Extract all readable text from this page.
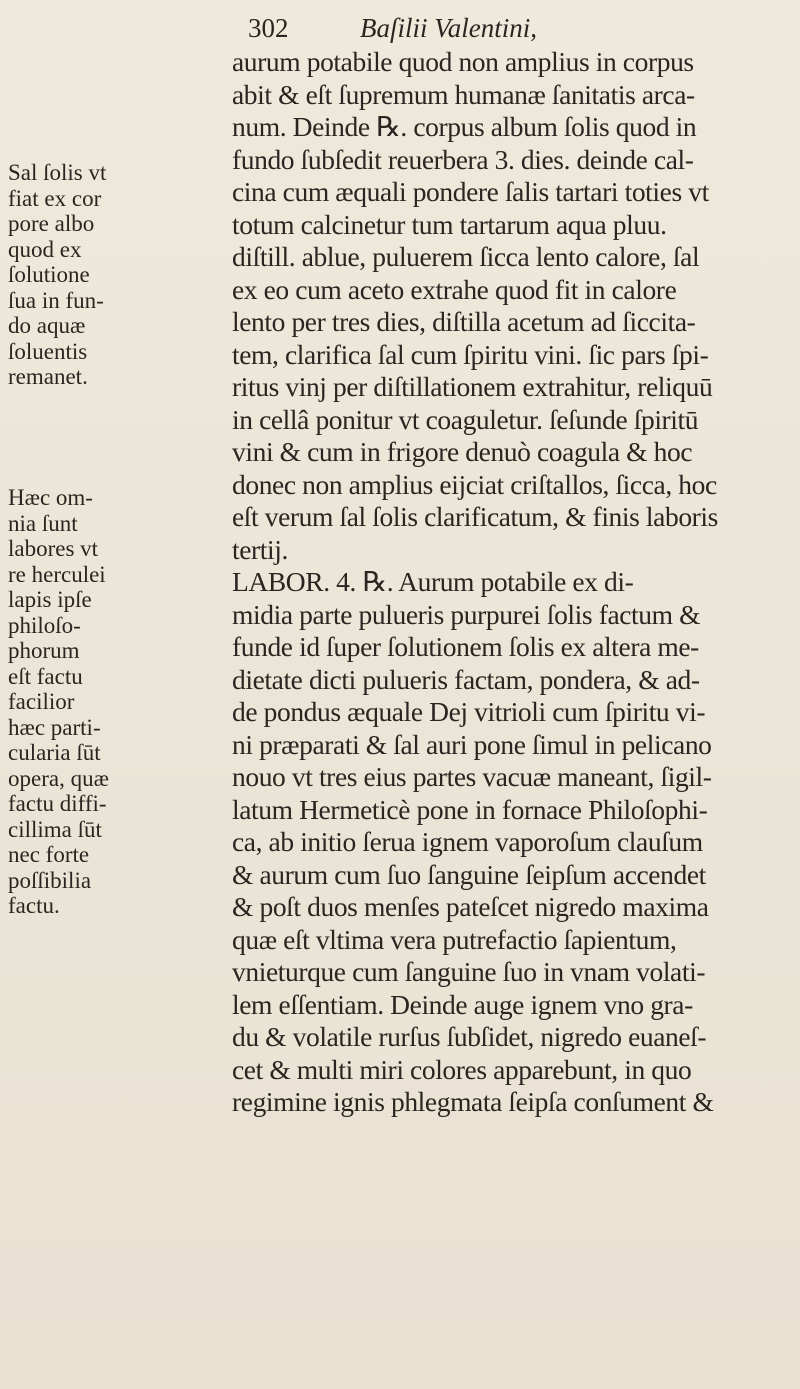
302	Baſilii Valentini,
Sal ſolis vt
fiat ex cor
pore albo
quod ex
ſolutione
ſua in fun-
do aquæ
ſoluentis
remanet.
Hæc om-
nia ſunt
labores vt
re herculei
lapis ipſe
philoſo-
phorum
eſt factu
facilior
hæc parti-
cularia ſūt
opera, quæ
factu diffi-
cillima ſūt
nec forte
poſſibilia
factu.
aurum potabile quod non amplius in corpus
abit & eſt ſupremum humanæ ſanitatis arca-
num. Deinde ℞. corpus album ſolis quod in
fundo ſubſedit reuerbera 3. dies. deinde cal-
cina cum æquali pondere ſalis tartari toties vt
totum calcinetur tum tartarum aqua pluu.
diſtill. ablue, puluerem ſicca lento calore, ſal
ex eo cum aceto extrahe quod fit in calore
lento per tres dies, diſtilla acetum ad ſiccita-
tem, clarifica ſal cum ſpiritu vini. ſic pars ſpi-
ritus vinj per diſtillationem extrahitur, reliquū
in cellâ ponitur vt coaguletur. ſeſunde ſpiritū
vini & cum in frigore denuò coagula & hoc
donec non amplius eijciat criſtallos, ſicca, hoc
eſt verum ſal ſolis clarificatum, & finis laboris
tertij.
LABOR. 4. ℞. Aurum potabile ex di-
midia parte pulueris purpurei ſolis factum &
funde id ſuper ſolutionem ſolis ex altera me-
dietate dicti pulueris factam, pondera, & ad-
de pondus æquale Dej vitrioli cum ſpiritu vi-
ni præparati & ſal auri pone ſimul in pelicano
nouo vt tres eius partes vacuæ maneant, ſigil-
latum Hermeticè pone in fornace Philoſophi-
ca, ab initio ſerua ignem vaporoſum clauſum
& aurum cum ſuo ſanguine ſeipſum accendet
& poſt duos menſes pateſcet nigredo maxima
quæ eſt vltima vera putrefactio ſapientum,
vnieturque cum ſanguine ſuo in vnam volati-
lem eſſentiam. Deinde auge ignem vno gra-
du & volatile rurſus ſubſidet, nigredo euaneſ-
cet & multi miri colores apparebunt, in quo
regimine ignis phlegmata ſeipſa conſument &
